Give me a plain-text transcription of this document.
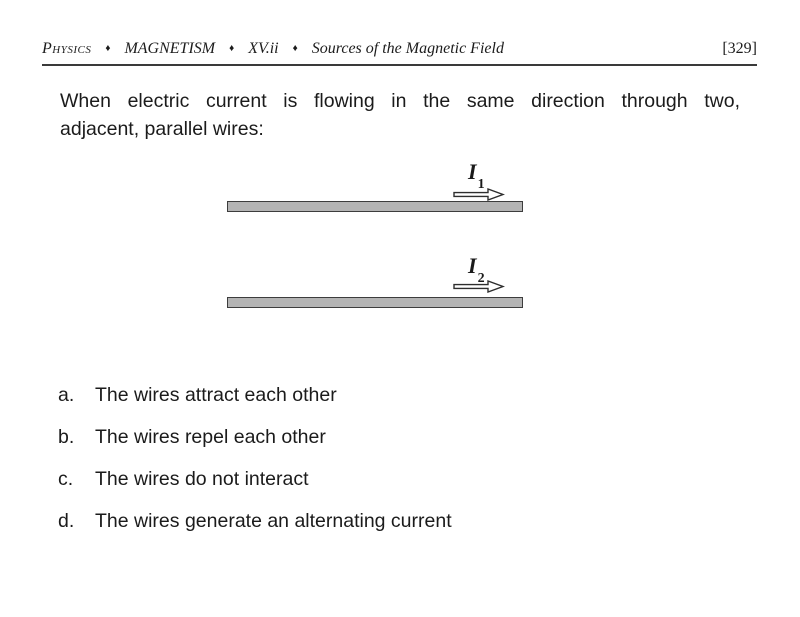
Physics ♦ MAGNETISM ♦ XV.ii ♦ Sources of the Magnetic Field	[329]
When electric current is flowing in the same direction through two,
adjacent, parallel wires:
$I_1$
$I_2$
a.	The wires attract each other
b.	The wires repel each other
c.	The wires do not interact
d.	The wires generate an alternating current
